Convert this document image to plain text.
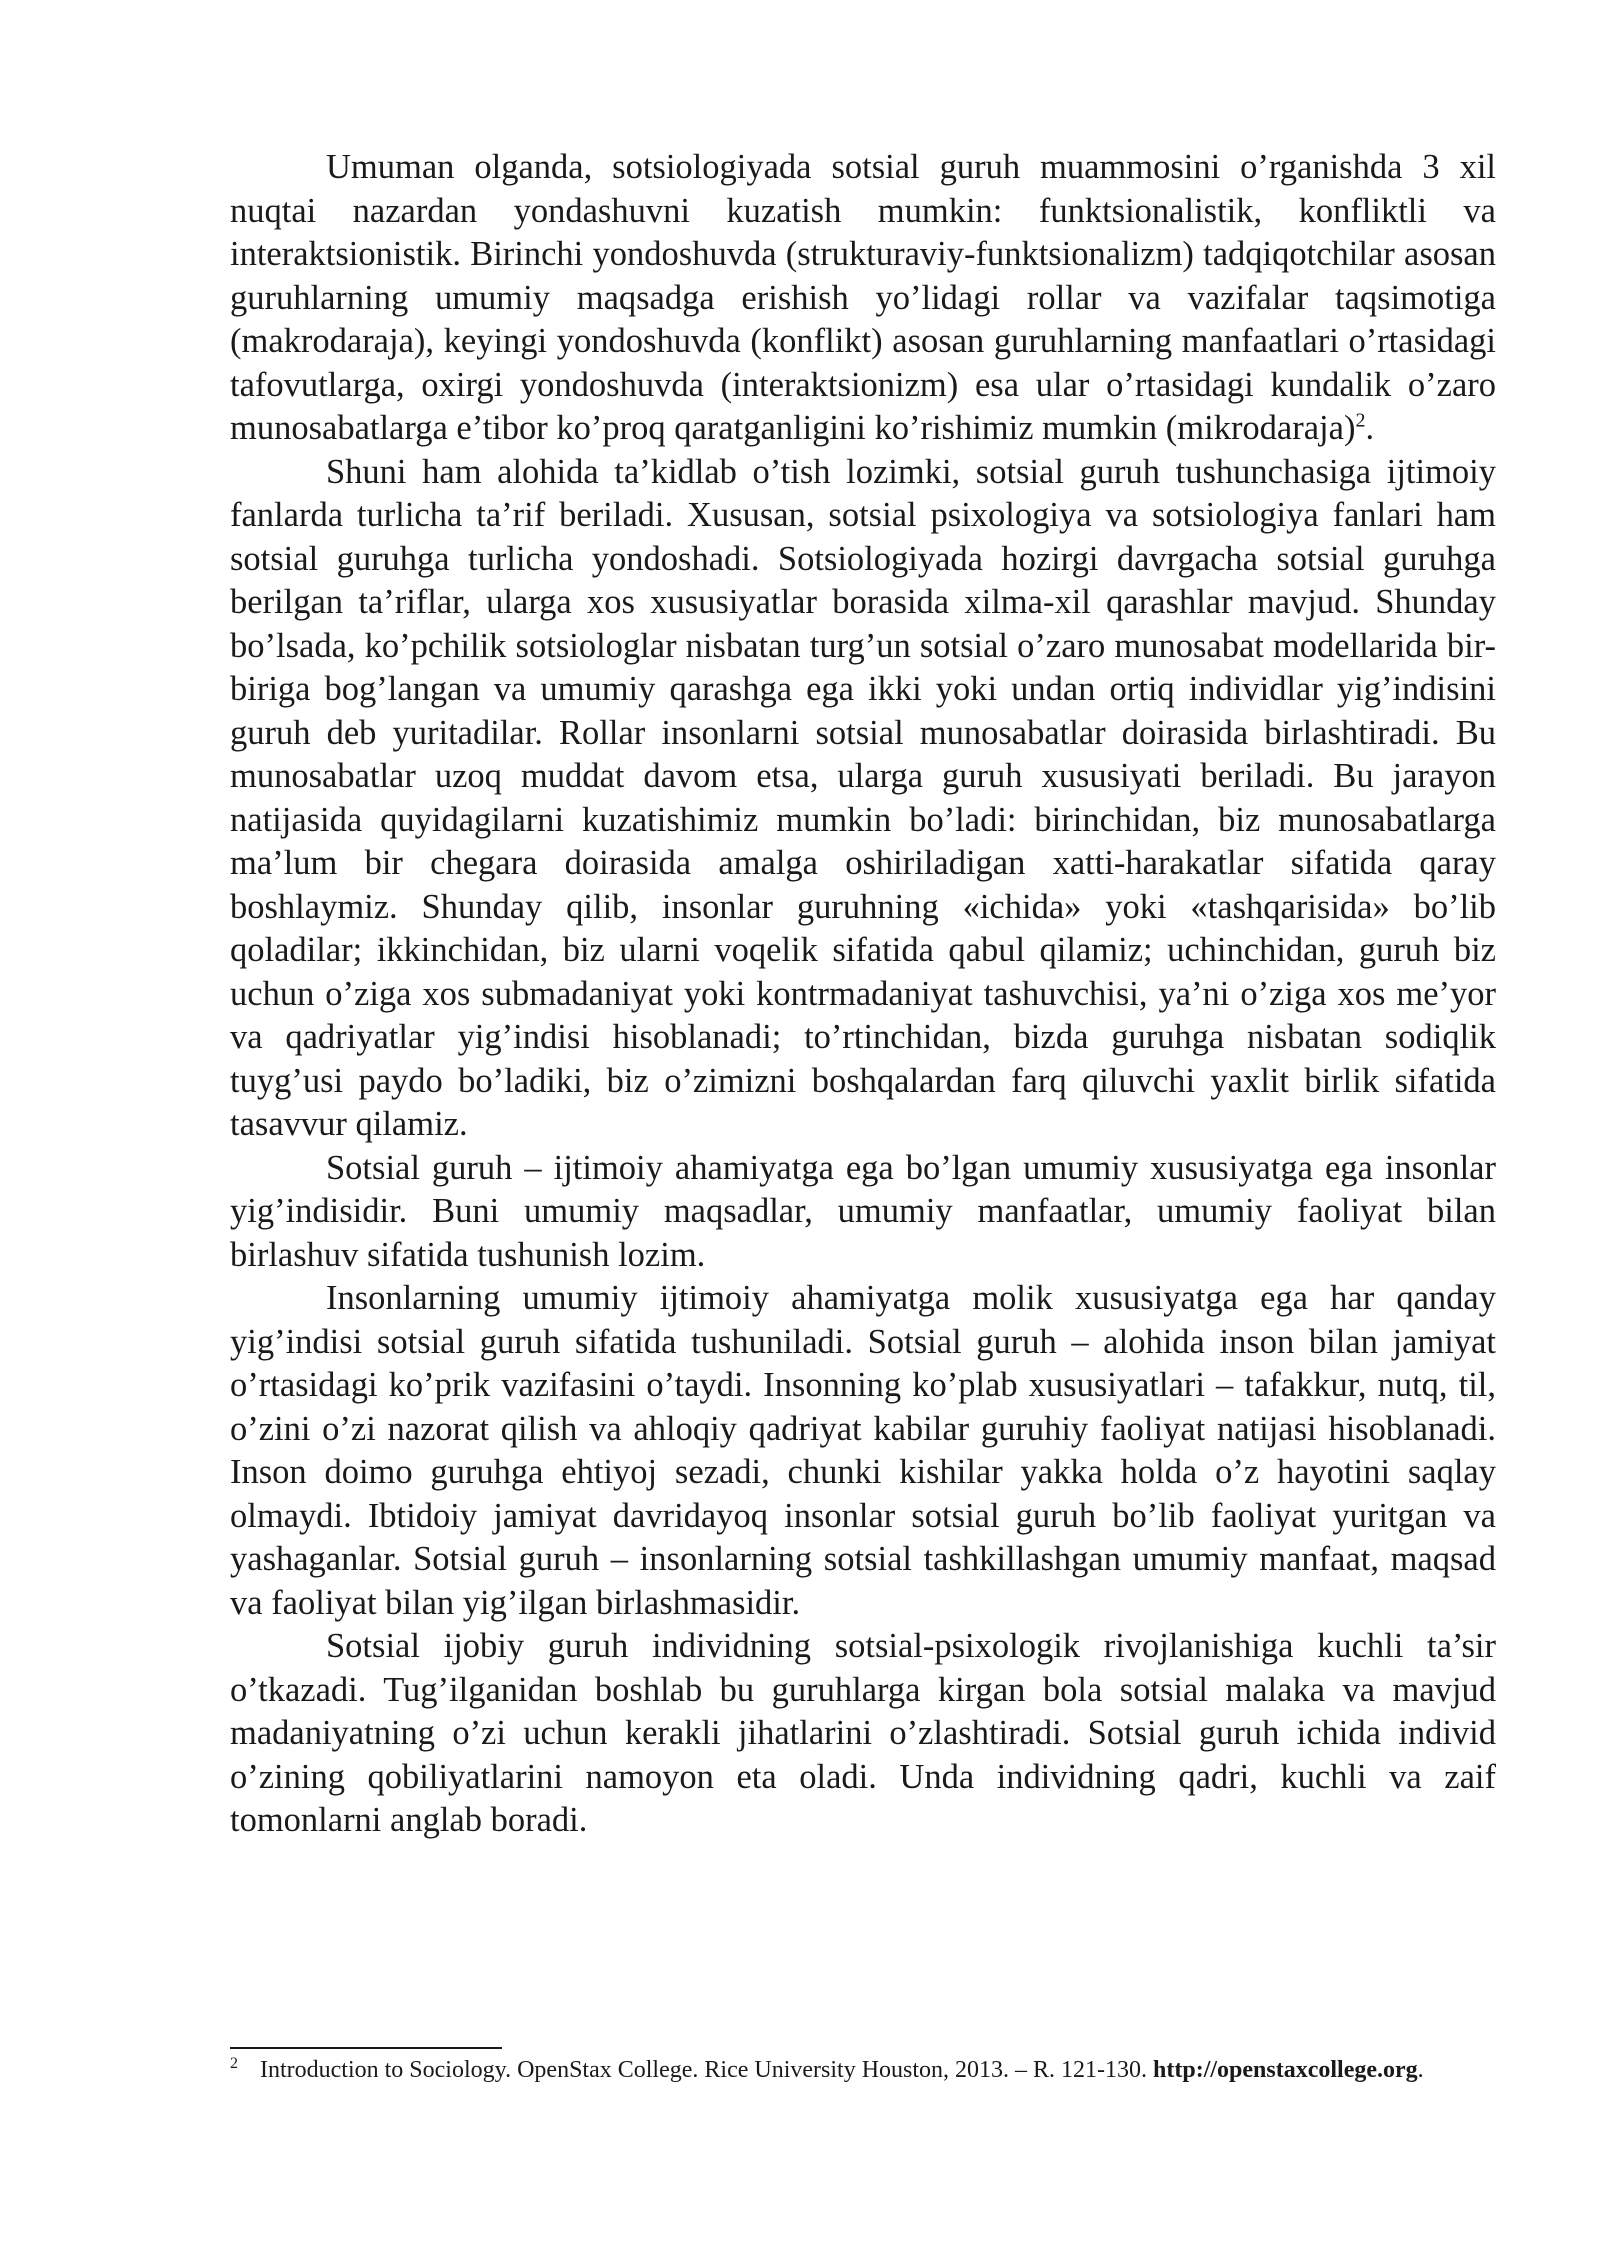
Umuman olganda, sotsiologiyada sotsial guruh muammosini o’rganishda 3 xil nuqtai nazardan yondashuvni kuzatish mumkin: funktsionalistik, konfliktli va interaktsionistik. Birinchi yondoshuvda (strukturaviy-funktsionalizm) tadqiqotchilar asosan guruhlarning umumiy maqsadga erishish yo’lidagi rollar va vazifalar taqsimotiga (makrodaraja), keyingi yondoshuvda (konflikt) asosan guruhlarning manfaatlari o’rtasidagi tafovutlarga, oxirgi yondoshuvda (interaktsionizm) esa ular o’rtasidagi kundalik o’zaro munosabatlarga e’tibor ko’proq qaratganligini ko’rishimiz mumkin (mikrodaraja)$^2$.

Shuni ham alohida ta’kidlab o’tish lozimki, sotsial guruh tushunchasiga ijtimoiy fanlarda turlicha ta’rif beriladi. Xususan, sotsial psixologiya va sotsiologiya fanlari ham sotsial guruhga turlicha yondoshadi. Sotsiologiyada hozirgi davrgacha sotsial guruhga berilgan ta’riflar, ularga xos xususiyatlar borasida xilma-xil qarashlar mavjud. Shunday bo’lsada, ko’pchilik sotsiologlar nisbatan turg’un sotsial o’zaro munosabat modellarida bir-biriga bog’langan va umumiy qarashga ega ikki yoki undan ortiq individlar yig’indisini guruh deb yuritadilar. Rollar insonlarni sotsial munosabatlar doirasida birlashtiradi. Bu munosabatlar uzoq muddat davom etsa, ularga guruh xususiyati beriladi. Bu jarayon natijasida quyidagilarni kuzatishimiz mumkin bo’ladi: birinchidan, biz munosabatlarga ma’lum bir chegara doirasida amalga oshiriladigan xatti-harakatlar sifatida qaray boshlaymiz. Shunday qilib, insonlar guruhning «ichida» yoki «tashqarisida» bo’lib qoladilar; ikkinchidan, biz ularni voqelik sifatida qabul qilamiz; uchinchidan, guruh biz uchun o’ziga xos submadaniyat yoki kontrmadaniyat tashuvchisi, ya’ni o’ziga xos me’yor va qadriyatlar yig’indisi hisoblanadi; to’rtinchidan, bizda guruhga nisbatan sodiqlik tuyg’usi paydo bo’ladiki, biz o’zimizni boshqalardan farq qiluvchi yaxlit birlik sifatida tasavvur qilamiz.

Sotsial guruh – ijtimoiy ahamiyatga ega bo’lgan umumiy xususiyatga ega insonlar yig’indisidir. Buni umumiy maqsadlar, umumiy manfaatlar, umumiy faoliyat bilan birlashuv sifatida tushunish lozim.

Insonlarning umumiy ijtimoiy ahamiyatga molik xususiyatga ega har qanday yig’indisi sotsial guruh sifatida tushuniladi. Sotsial guruh – alohida inson bilan jamiyat o’rtasidagi ko’prik vazifasini o’taydi. Insonning ko’plab xususiyatlari – tafakkur, nutq, til, o’zini o’zi nazorat qilish va ahloqiy qadriyat kabilar guruhiy faoliyat natijasi hisoblanadi. Inson doimo guruhga ehtiyoj sezadi, chunki kishilar yakka holda o’z hayotini saqlay olmaydi. Ibtidoiy jamiyat davridayoq insonlar sotsial guruh bo’lib faoliyat yuritgan va yashaganlar. Sotsial guruh – insonlarning sotsial tashkillashgan umumiy manfaat, maqsad va faoliyat bilan yig’ilgan birlashmasidir.

Sotsial ijobiy guruh individning sotsial-psixologik rivojlanishiga kuchli ta’sir o’tkazadi. Tug’ilganidan boshlab bu guruhlarga kirgan bola sotsial malaka va mavjud madaniyatning o’zi uchun kerakli jihatlarini o’zlashtiradi. Sotsial guruh ichida individ o’zining qobiliyatlarini namoyon eta oladi. Unda individning qadri, kuchli va zaif tomonlarni anglab boradi.

$^2$ Introduction to Sociology. OpenStax College. Rice University Houston, 2013. – R. 121-130. http://openstaxcollege.org.
